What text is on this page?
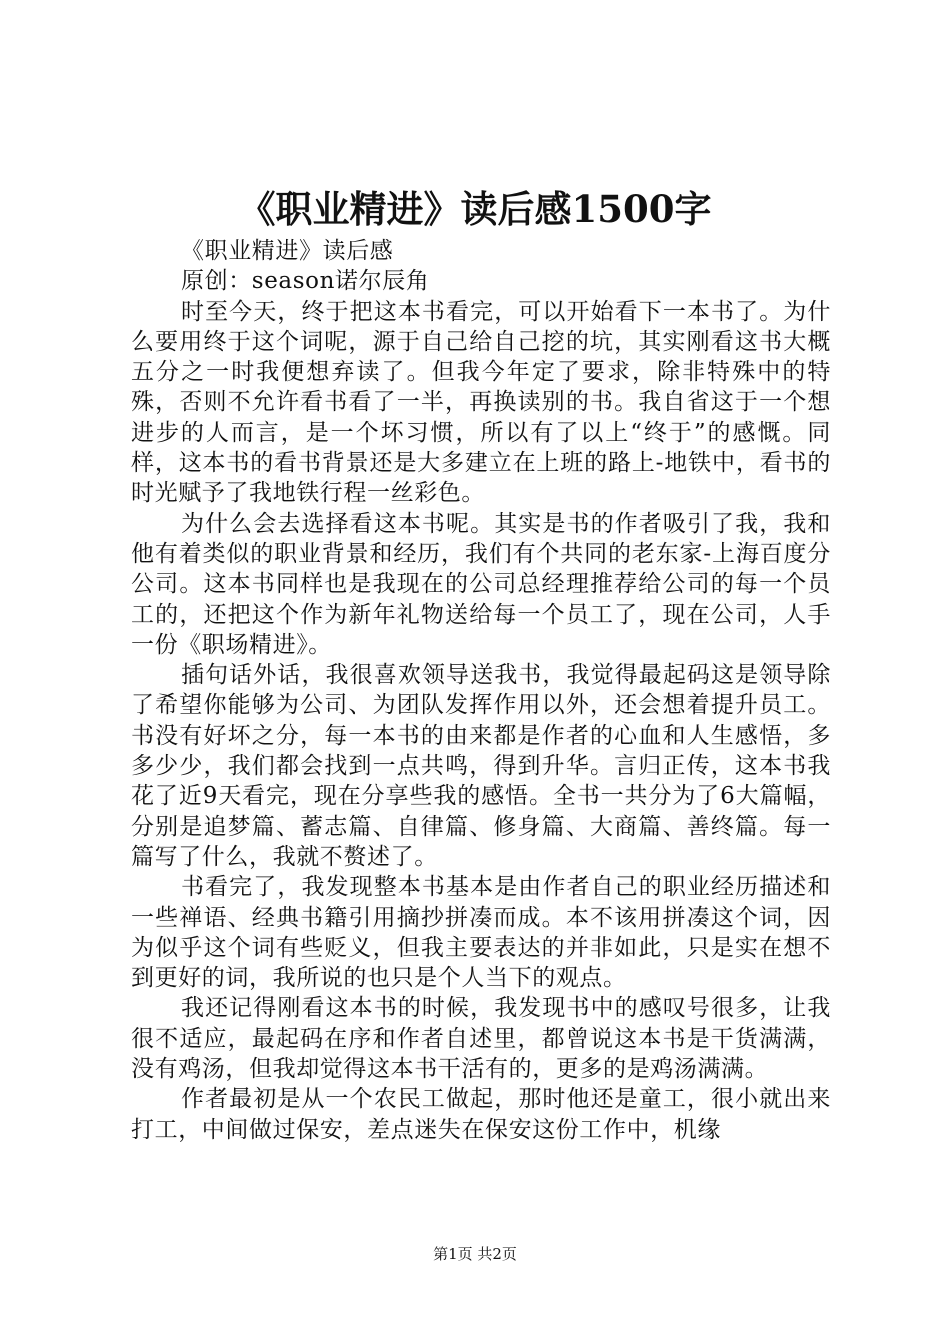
《职业精进》读后感1500字

《职业精进》读后感

原创：season诺尔辰角

时至今天，终于把这本书看完，可以开始看下一本书了。为什么要用终于这个词呢，源于自己给自己挖的坑，其实刚看这书大概五分之一时我便想弃读了。但我今年定了要求，除非特殊中的特殊，否则不允许看书看了一半，再换读别的书。我自省这于一个想进步的人而言，是一个坏习惯，所以有了以上“终于”的感慨。同样，这本书的看书背景还是大多建立在上班的路上-地铁中，看书的时光赋予了我地铁行程一丝彩色。

为什么会去选择看这本书呢。其实是书的作者吸引了我，我和他有着类似的职业背景和经历，我们有个共同的老东家-上海百度分公司。这本书同样也是我现在的公司总经理推荐给公司的每一个员工的，还把这个作为新年礼物送给每一个员工了，现在公司，人手一份《职场精进》。

插句话外话，我很喜欢领导送我书，我觉得最起码这是领导除了希望你能够为公司、为团队发挥作用以外，还会想着提升员工。书没有好坏之分，每一本书的由来都是作者的心血和人生感悟，多多少少，我们都会找到一点共鸣，得到升华。言归正传，这本书我花了近9天看完，现在分享些我的感悟。全书一共分为了6大篇幅，分别是追梦篇、蓄志篇、自律篇、修身篇、大商篇、善终篇。每一篇写了什么，我就不赘述了。

书看完了，我发现整本书基本是由作者自己的职业经历描述和一些禅语、经典书籍引用摘抄拼凑而成。本不该用拼凑这个词，因为似乎这个词有些贬义，但我主要表达的并非如此，只是实在想不到更好的词，我所说的也只是个人当下的观点。

我还记得刚看这本书的时候，我发现书中的感叹号很多，让我很不适应，最起码在序和作者自述里，都曾说这本书是干货满满，没有鸡汤，但我却觉得这本书干活有的，更多的是鸡汤满满。

作者最初是从一个农民工做起，那时他还是童工，很小就出来打工，中间做过保安，差点迷失在保安这份工作中，机缘

第1页 共2页
